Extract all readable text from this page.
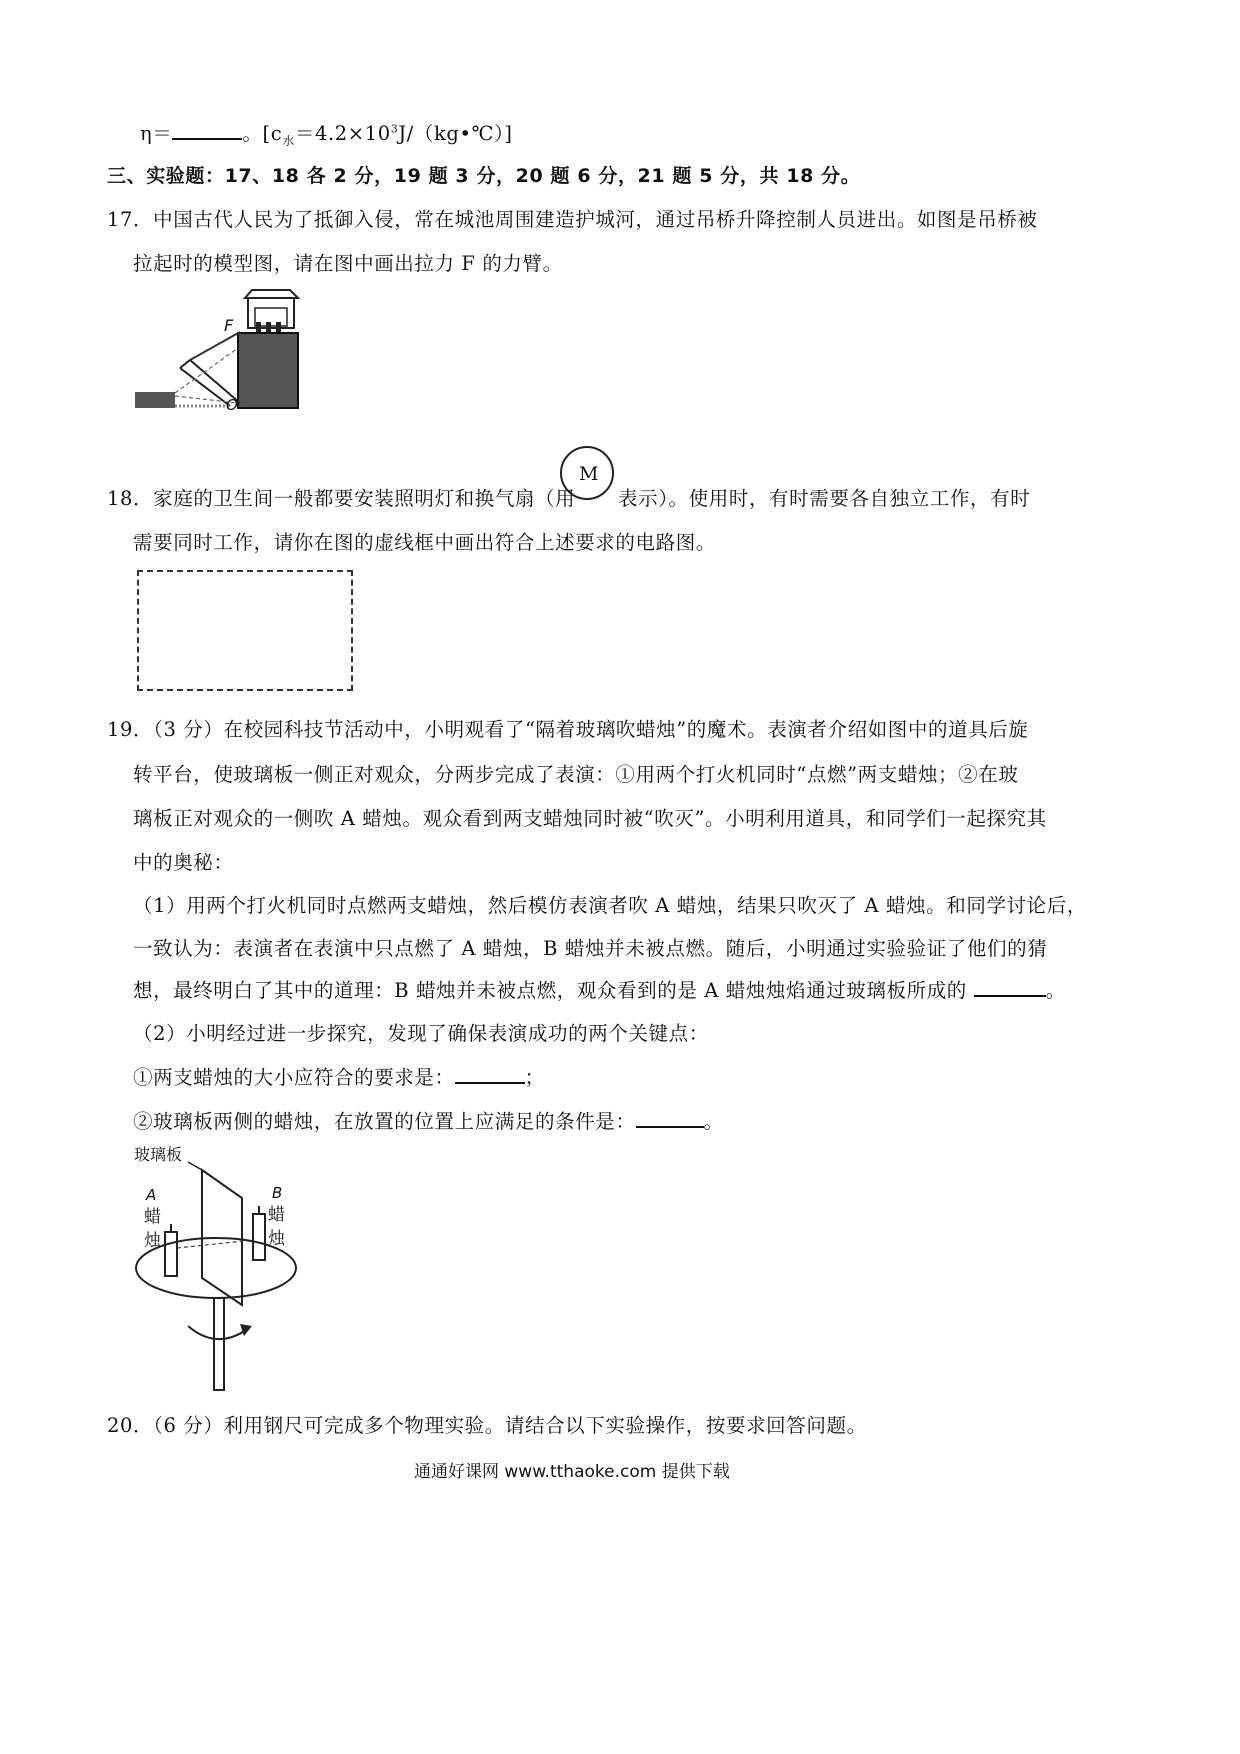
η＝	。$[c_水=4.2\times 10^3J/(kg•℃)]$
三、实验题：17、18 各 2 分，19 题 3 分，20 题 6 分，21 题 5 分，共 18 分。
17．中国古代人民为了抵御入侵，常在城池周围建造护城河，通过吊桥升降控制人员进出。如图是吊桥被
拉起时的模型图，请在图中画出拉力 F 的力臂。
F
O
18．家庭的卫生间一般都要安装照明灯和换气扇（用
M
表示）。使用时，有时需要各自独立工作，有时
需要同时工作，请你在图的虚线框中画出符合上述要求的电路图。
19．（3 分）在校园科技节活动中，小明观看了“隔着玻璃吹蜡烛”的魔术。表演者介绍如图中的道具后旋
转平台，使玻璃板一侧正对观众，分两步完成了表演：①用两个打火机同时“点燃”两支蜡烛；②在玻
璃板正对观众的一侧吹 A 蜡烛。观众看到两支蜡烛同时被“吹灭”。小明利用道具，和同学们一起探究其
中的奥秘：
（1）用两个打火机同时点燃两支蜡烛，然后模仿表演者吹 A 蜡烛，结果只吹灭了 A 蜡烛。和同学讨论后，
一致认为：表演者在表演中只点燃了 A 蜡烛，B 蜡烛并未被点燃。随后，小明通过实验验证了他们的猜
想，最终明白了其中的道理：B 蜡烛并未被点燃，观众看到的是 A 蜡烛烛焰通过玻璃板所成的	。
（2）小明经过进一步探究，发现了确保表演成功的两个关键点：
①两支蜡烛的大小应符合的要求是：	；
②玻璃板两侧的蜡烛，在放置的位置上应满足的条件是：	。
玻璃板
A
蜡
烛
B
蜡
烛
20．（6 分）利用钢尺可完成多个物理实验。请结合以下实验操作，按要求回答问题。
通通好课网 www.tthaoke.com 提供下载
